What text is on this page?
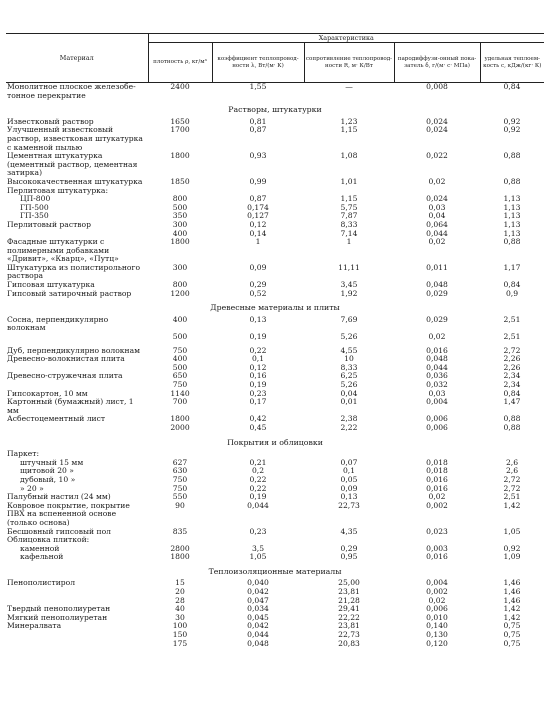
Материал	Характеристика				
	плотность ρ, кг/м³	коэффициент теплопровод-ности λ, Вт/(м· К)	сопротивление теплопровод-ности R, м· К/Вт	пародиффузи-онный пока-затель δ, г/(м· с· МПа)	удельная теплоем-кость с, кДж/(кг· К)
Монолитное плоское железобе-тонное перекрытие	2400	1,55	—	0,008	0,84
Растворы, штукатурки					
Известковый раствор	1650	0,81	1,23	0,024	0,92
Улучшенный известковый раствор, известковая штукатурка с каменной пылью	1700	0,87	1,15	0,024	0,92
Цементная штукатурка (цементный раствор, цементная затирка)	1800	0,93	1,08	0,022	0,88
Высококачественная штукатурка	1850	0,99	1,01	0,02	0,88
Перлитовая штукатурка:					
ЦП-800	800	0,87	1,15	0,024	1,13
ГП-500	500	0,174	5,75	0,03	1,13
ГП-350	350	0,127	7,87	0,04	1,13
Перлитовый раствор	300	0,12	8,33	0,064	1,13
	400	0,14	7,14	0,044	1,13
Фасадные штукатурки с полимерными добавками «Дривит», «Кварц», «Путц»	1800	1	1	0,02	0,88
Штукатурка из полистирольного раствора	300	0,09	11,11	0,011	1,17
Гипсовая штукатурка	800	0,29	3,45	0,048	0,84
Гипсовый затирочный раствор	1200	0,52	1,92	0,029	0,9
Древесные материалы и плиты					
Сосна, перпендикулярно волокнам	400	0,13	7,69	0,029	2,51
	500	0,19	5,26	0,02	2,51

Дуб, перпендикулярно волокнам	750	0,22	4,55	0,016	2,72
Древесно-волокнистая плита	400	0,1	10	0,048	2,26
	500	0,12	8,33	0,044	2,26
Древесно-стружечная плита	650	0,16	6,25	0,036	2,34
	750	0,19	5,26	0,032	2,34
Гипсокартон, 10 мм	1140	0,23	0,04	0,03	0,84
Картонный (бумажный) лист, 1 мм	700	0,17	0,01	0,004	1,47
Асбестоцементный лист	1800	0,42	2,38	0,006	0,88
	2000	0,45	2,22	0,006	0,88
Покрытия и облицовки					
Паркет:					
штучный 15 мм	627	0,21	0,07	0,018	2,6
щитовой 20 »	630	0,2	0,1	0,018	2,6
дубовый, 10 »	750	0,22	0,05	0,016	2,72
» 20 »	750	0,22	0,09	0,016	2,72
Палубный настил (24 мм)	550	0,19	0,13	0,02	2,51
Ковровое покрытие, покрытие ПВХ на вспененной основе (только основа)	90	0,044	22,73	0,002	1,42
Бесшовный гипсовый пол	835	0,23	4,35	0,023	1,05
Облицовка плиткой:					
каменной	2800	3,5	0,29	0,003	0,92
кафельной	1800	1,05	0,95	0,016	1,09
Теплоизоляционные материалы					
Пенополистирол	15	0,040	25,00	0,004	1,46
	20	0,042	23,81	0,002	1,46
	28	0,047	21,28	0,02	1,46
Твердый пенополиуретан	40	0,034	29,41	0,006	1,42
Мягкий пенополиуретан	30	0,045	22,22	0,010	1,42
Минералвата	100	0,042	23,81	0,140	0,75
	150	0,044	22,73	0,130	0,75
	175	0,048	20,83	0,120	0,75
